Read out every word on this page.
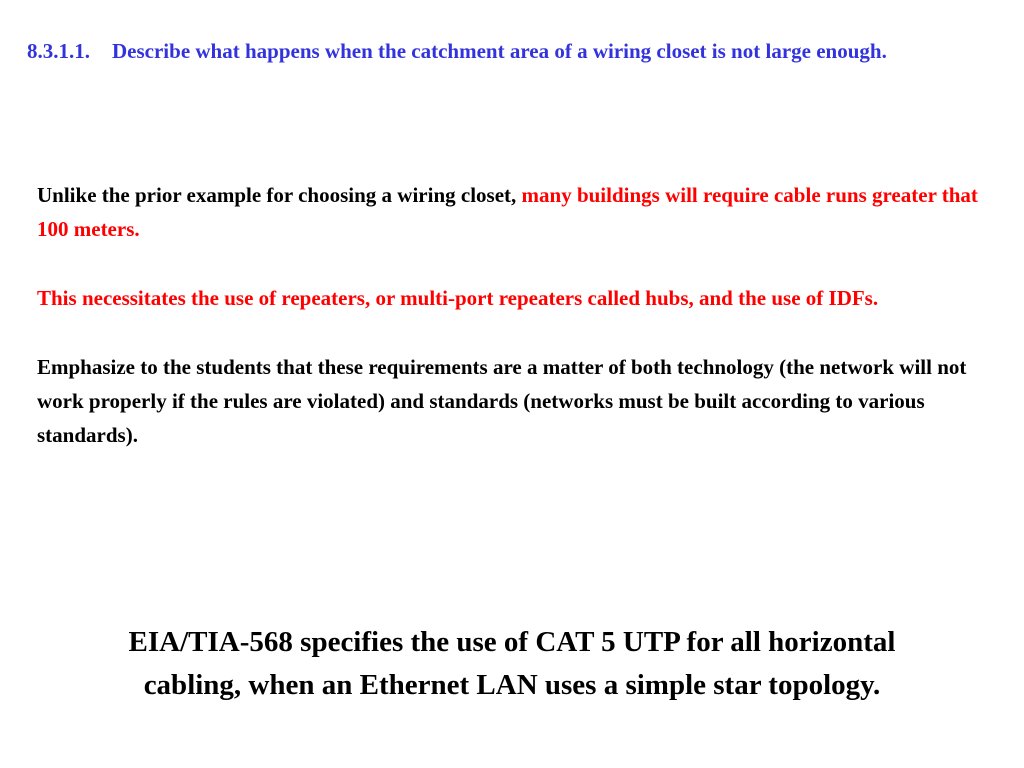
8.3.1.1. Describe what happens when the catchment area of a wiring closet is not large enough.

Unlike the prior example for choosing a wiring closet, many buildings will require cable runs greater that 100 meters.

This necessitates the use of repeaters, or multi-port repeaters called hubs, and the use of IDFs.

Emphasize to the students that these requirements are a matter of both technology (the network will not work properly if the rules are violated) and standards (networks must be built according to various standards).

EIA/TIA-568 specifies the use of CAT 5 UTP for all horizontal
cabling, when an Ethernet LAN uses a simple star topology.
